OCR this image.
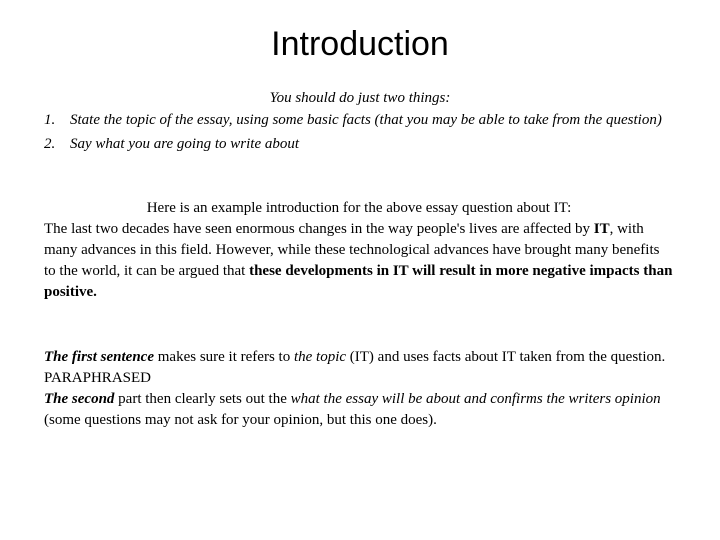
Introduction
You should do just two things:
1. State the topic of the essay, using some basic facts (that you may be able to take from the question)
2. Say what you are going to write about

Here is an example introduction for the above essay question about IT:

The last two decades have seen enormous changes in the way people's lives are affected by IT, with many advances in this field. However, while these technological advances have brought many benefits to the world, it can be argued that these developments in IT will result in more negative impacts than positive.

The first sentence makes sure it refers to the topic (IT) and uses facts about IT taken from the question. PARAPHRASED

The second part then clearly sets out the what the essay will be about and confirms the writers opinion (some questions may not ask for your opinion, but this one does).
